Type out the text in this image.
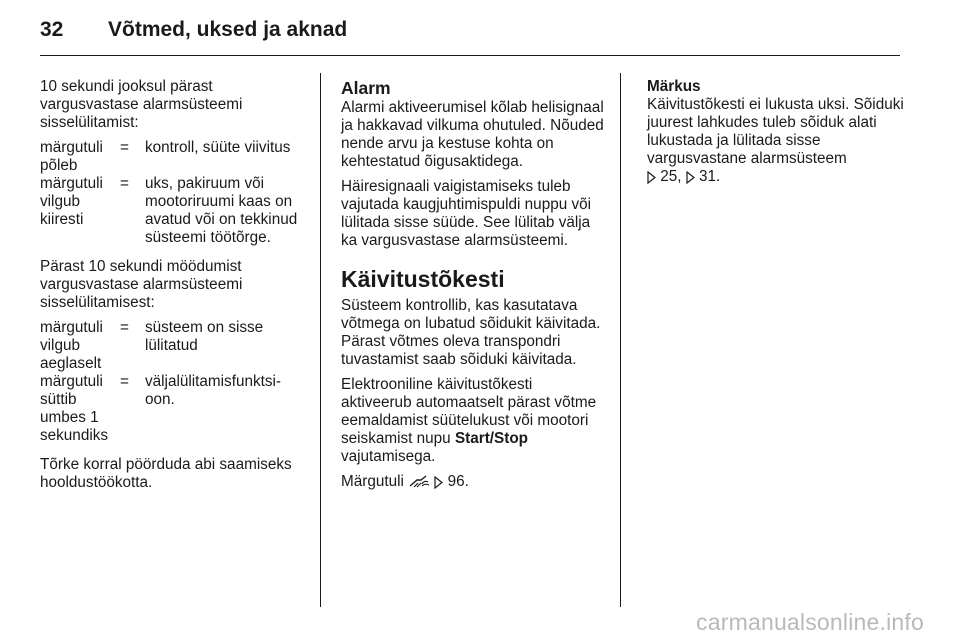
32	Võtmed, uksed ja aknad

10 sekundi jooksul pärast vargusvastase alarmsüsteemi sisselülitamist:

märgutuli põleb	=	kontroll, süüte viivitus
märgutuli vilgub kiiresti	=	uks, pakiruum või mootoriruumi kaas on avatud või on tekkinud süsteemi töötõrge.

Pärast 10 sekundi möödumist vargusvastase alarmsüsteemi sisselülitamisest:

märgutuli vilgub aeglaselt	=	süsteem on sisse lülitatud
märgutuli süttib umbes 1 sekundiks	=	väljalülitamisfunktsioon.

Tõrke korral pöörduda abi saamiseks hooldustöökotta.

Alarm

Alarmi aktiveerumisel kõlab helisignaal ja hakkavad vilkuma ohutuled. Nõuded nende arvu ja kestuse kohta on kehtestatud õigusaktidega.

Häiresignaali vaigistamiseks tuleb vajutada kaugjuhtimispuldi nuppu või lülitada sisse süüde. See lülitab välja ka vargusvastase alarmsüsteemi.

Käivitustõkesti

Süsteem kontrollib, kas kasutatava võtmega on lubatud sõidukit käivitada. Pärast võtmes oleva transpondri tuvastamist saab sõiduki käivitada.

Elektrooniline käivitustõkesti aktiveerub automaatselt pärast võtme eemaldamist süütelukust või mootori seiskamist nupu Start/Stop vajutamisega.

Märgutuli   96.

Märkus
Käivitustõkesti ei lukusta uksi. Sõiduki juurest lahkudes tuleb sõiduk alati lukustada ja lülitada sisse vargusvastane alarmsüsteem
25,  31.
carmanualsonline.info
